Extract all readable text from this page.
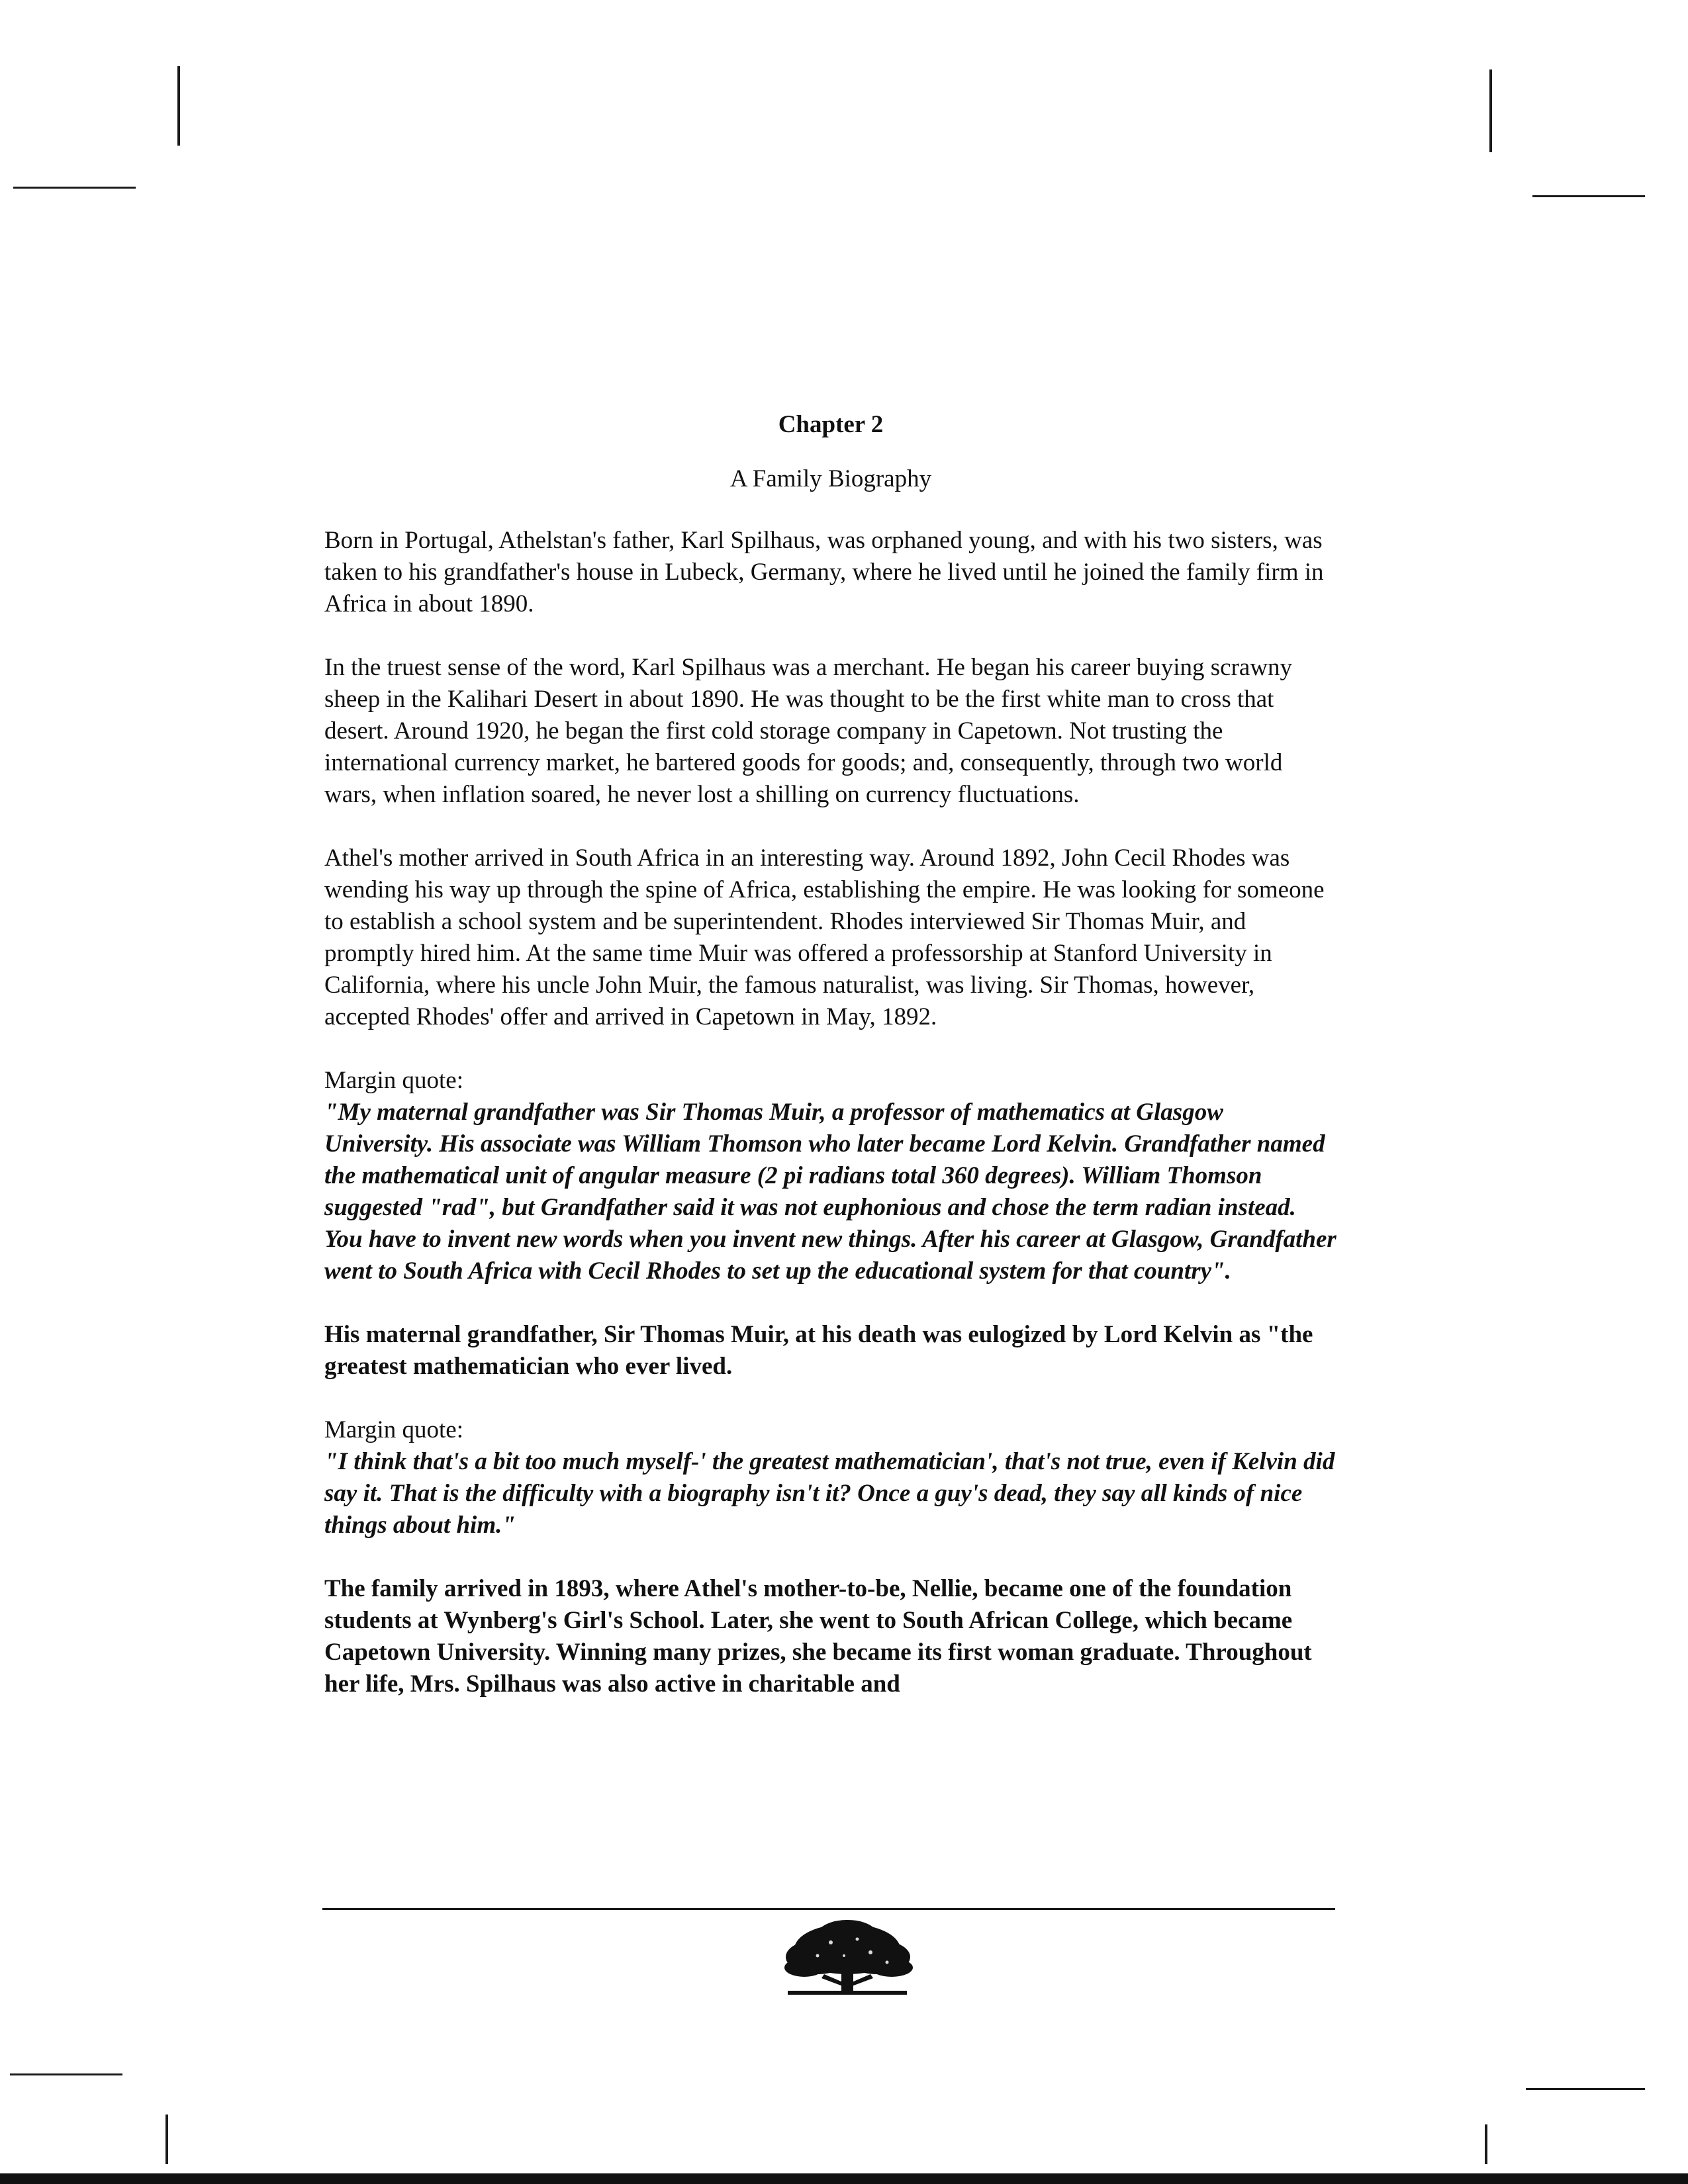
Chapter 2
A Family Biography

Born in Portugal, Athelstan's father, Karl Spilhaus, was orphaned young, and with his two sisters, was taken to his grandfather's house in Lubeck, Germany, where he lived until he joined the family firm in Africa in about 1890.

In the truest sense of the word, Karl Spilhaus was a merchant. He began his career buying scrawny sheep in the Kalihari Desert in about 1890. He was thought to be the first white man to cross that desert. Around 1920, he began the first cold storage company in Capetown. Not trusting the international currency market, he bartered goods for goods; and, consequently, through two world wars, when inflation soared, he never lost a shilling on currency fluctuations.

Athel's mother arrived in South Africa in an interesting way. Around 1892, John Cecil Rhodes was wending his way up through the spine of Africa, establishing the empire. He was looking for someone to establish a school system and be superintendent. Rhodes interviewed Sir Thomas Muir, and promptly hired him. At the same time Muir was offered a professorship at Stanford University in California, where his uncle John Muir, the famous naturalist, was living. Sir Thomas, however, accepted Rhodes' offer and arrived in Capetown in May, 1892.

Margin quote:

"My maternal grandfather was Sir Thomas Muir, a professor of mathematics at Glasgow University. His associate was William Thomson who later became Lord Kelvin. Grandfather named the mathematical unit of angular measure (2 pi radians total 360 degrees). William Thomson suggested "rad", but Grandfather said it was not euphonious and chose the term radian instead. You have to invent new words when you invent new things. After his career at Glasgow, Grandfather went to South Africa with Cecil Rhodes to set up the educational system for that country".

His maternal grandfather, Sir Thomas Muir, at his death was eulogized by Lord Kelvin as "the greatest mathematician who ever lived.

Margin quote:

"I think that's a bit too much myself-' the greatest mathematician', that's not true, even if Kelvin did say it. That is the difficulty with a biography isn't it? Once a guy's dead, they say all kinds of nice things about him."

The family arrived in 1893, where Athel's mother-to-be, Nellie, became one of the foundation students at Wynberg's Girl's School. Later, she went to South African College, which became Capetown University. Winning many prizes, she became its first woman graduate. Throughout her life, Mrs. Spilhaus was also active in charitable and
